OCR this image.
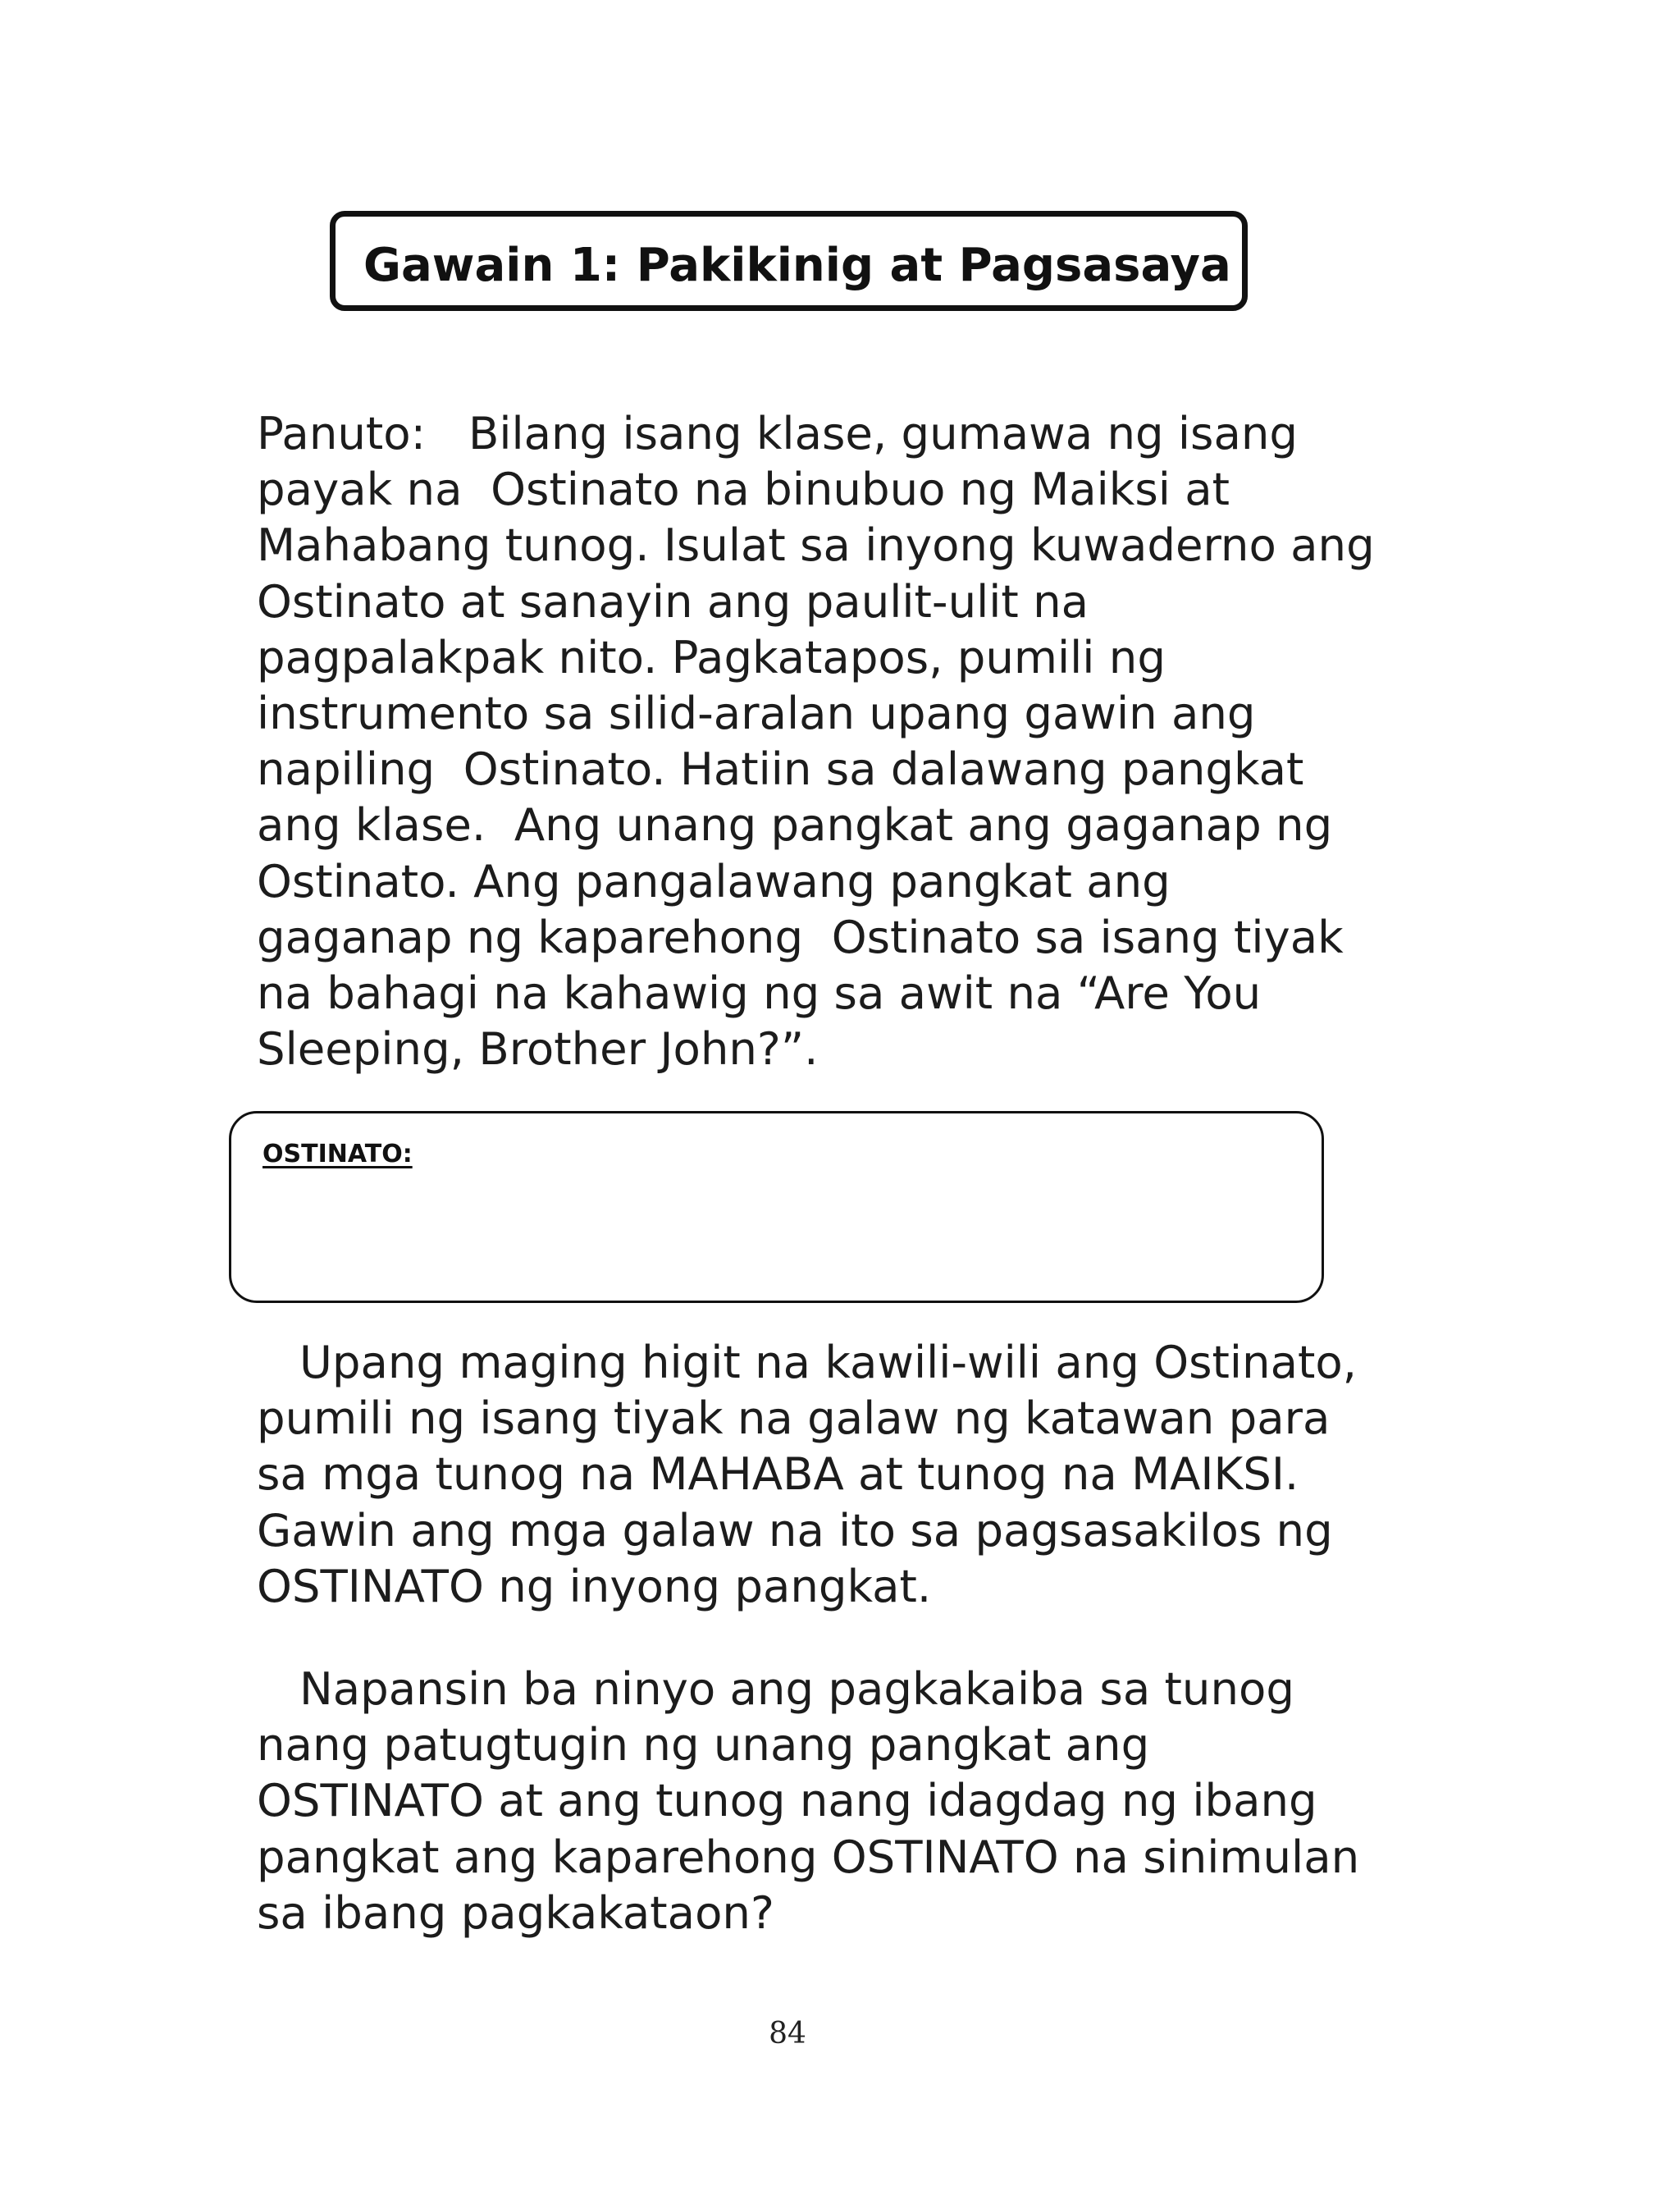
Gawain 1: Pakikinig at Pagsasaya
Panuto:   Bilang isang klase, gumawa ng isang
payak na  Ostinato na binubuo ng Maiksi at
Mahabang tunog. Isulat sa inyong kuwaderno ang
Ostinato at sanayin ang paulit-ulit na
pagpalakpak nito. Pagkatapos, pumili ng
instrumento sa silid-aralan upang gawin ang
napiling  Ostinato. Hatiin sa dalawang pangkat
ang klase.  Ang unang pangkat ang gaganap ng
Ostinato. Ang pangalawang pangkat ang
gaganap ng kaparehong  Ostinato sa isang tiyak
na bahagi na kahawig ng sa awit na “Are You
Sleeping, Brother John?”.
OSTINATO:
Upang maging higit na kawili-wili ang Ostinato,
pumili ng isang tiyak na galaw ng katawan para
sa mga tunog na MAHABA at tunog na MAIKSI.
Gawin ang mga galaw na ito sa pagsasakilos ng
OSTINATO ng inyong pangkat.
Napansin ba ninyo ang pagkakaiba sa tunog
nang patugtugin ng unang pangkat ang
OSTINATO at ang tunog nang idagdag ng ibang
pangkat ang kaparehong OSTINATO na sinimulan
sa ibang pagkakataon?
84
